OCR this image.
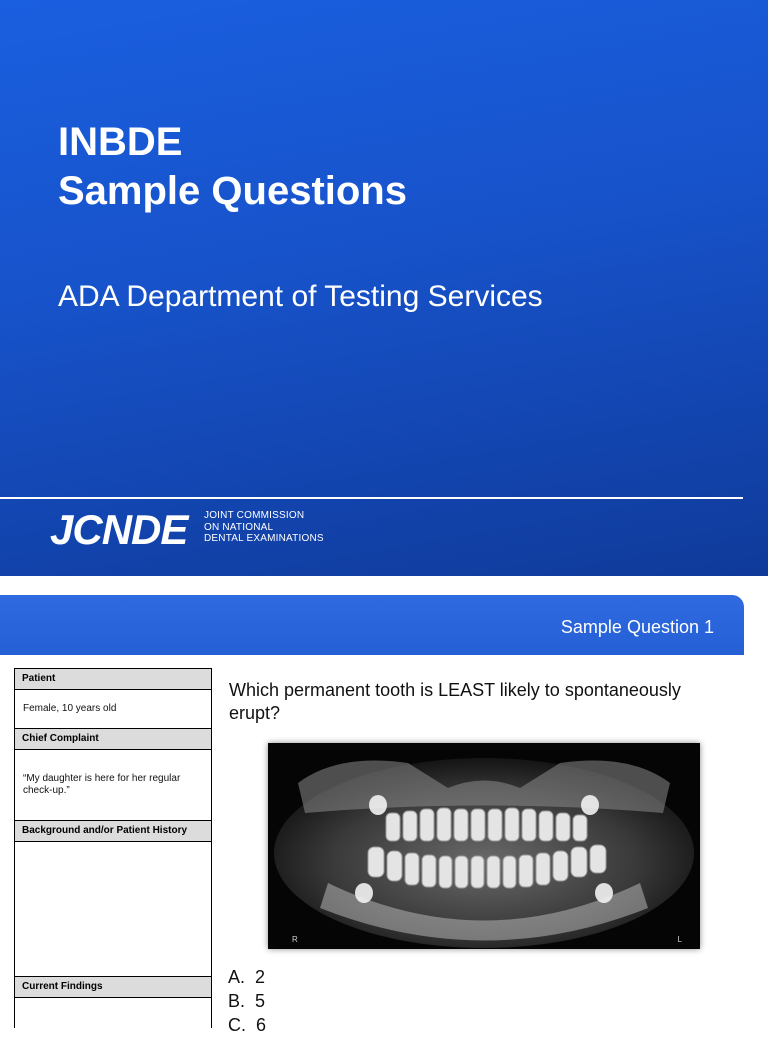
INBDE
Sample Questions
ADA Department of Testing Services
JCNDE JOINT COMMISSION
ON NATIONAL
DENTAL EXAMINATIONS
Sample Question 1
Patient
Female, 10 years old
Chief Complaint
“My daughter is here for her regular check-up.”
Background and/or Patient History
Current Findings
Which permanent tooth is LEAST likely to spontaneously erupt?
R	L
A.  2
B.  5
C.  6
